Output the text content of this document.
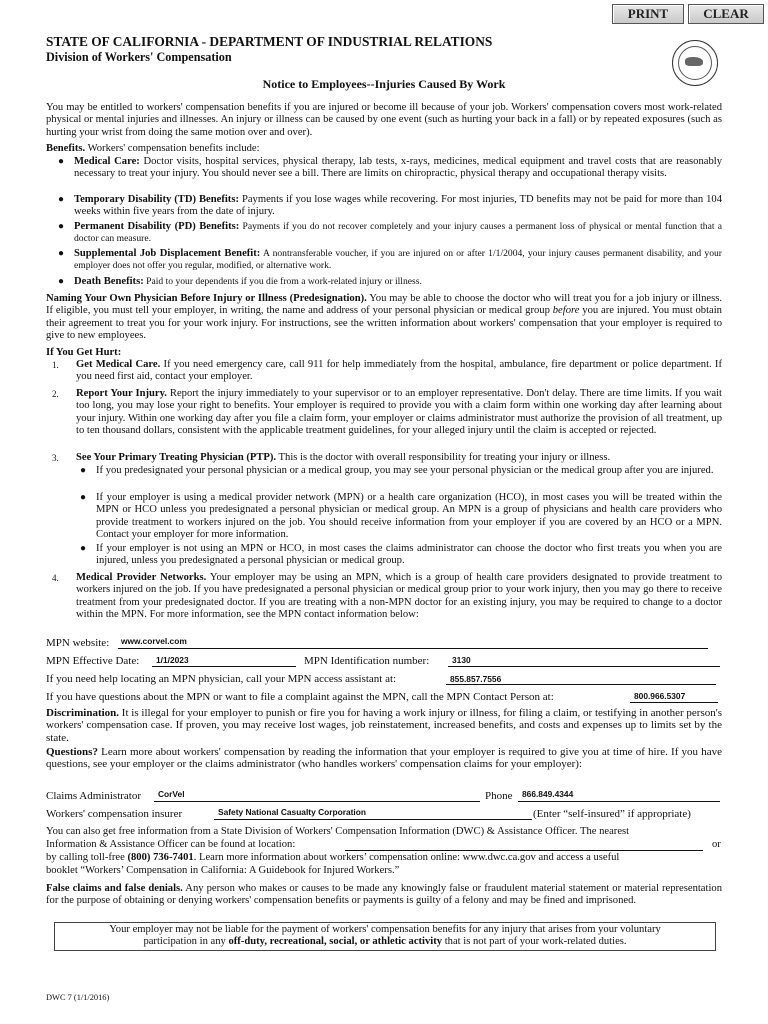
PRINT	CLEAR
STATE OF CALIFORNIA - DEPARTMENT OF INDUSTRIAL RELATIONS
Division of Workers' Compensation
Notice to Employees--Injuries Caused By Work
You may be entitled to workers' compensation benefits if you are injured or become ill because of your job. Workers' compensation covers most work-related physical or mental injuries and illnesses. An injury or illness can be caused by one event (such as hurting your back in a fall) or by repeated exposures (such as hurting your wrist from doing the same motion over and over).
Benefits. Workers' compensation benefits include:
● Medical Care: Doctor visits, hospital services, physical therapy, lab tests, x-rays, medicines, medical equipment and travel costs that are reasonably necessary to treat your injury. You should never see a bill. There are limits on chiropractic, physical therapy and occupational therapy visits.
● Temporary Disability (TD) Benefits: Payments if you lose wages while recovering. For most injuries, TD benefits may not be paid for more than 104 weeks within five years from the date of injury.
● Permanent Disability (PD) Benefits: Payments if you do not recover completely and your injury causes a permanent loss of physical or mental function that a doctor can measure.
● Supplemental Job Displacement Benefit: A nontransferable voucher, if you are injured on or after 1/1/2004, your injury causes permanent disability, and your employer does not offer you regular, modified, or alternative work.
● Death Benefits: Paid to your dependents if you die from a work-related injury or illness.
Naming Your Own Physician Before Injury or Illness (Predesignation). You may be able to choose the doctor who will treat you for a job injury or illness. If eligible, you must tell your employer, in writing, the name and address of your personal physician or medical group before you are injured. You must obtain their agreement to treat you for your work injury. For instructions, see the written information about workers' compensation that your employer is required to give to new employees.
If You Get Hurt:
1. Get Medical Care. If you need emergency care, call 911 for help immediately from the hospital, ambulance, fire department or police department. If you need first aid, contact your employer.
2. Report Your Injury. Report the injury immediately to your supervisor or to an employer representative. Don't delay. There are time limits. If you wait too long, you may lose your right to benefits. Your employer is required to provide you with a claim form within one working day after learning about your injury. Within one working day after you file a claim form, your employer or claims administrator must authorize the provision of all treatment, up to ten thousand dollars, consistent with the applicable treatment guidelines, for your alleged injury until the claim is accepted or rejected.
3. See Your Primary Treating Physician (PTP). This is the doctor with overall responsibility for treating your injury or illness.
● If you predesignated your personal physician or a medical group, you may see your personal physician or the medical group after you are injured.
● If your employer is using a medical provider network (MPN) or a health care organization (HCO), in most cases you will be treated within the MPN or HCO unless you predesignated a personal physician or medical group. An MPN is a group of physicians and health care providers who provide treatment to workers injured on the job. You should receive information from your employer if you are covered by an HCO or a MPN. Contact your employer for more information.
● If your employer is not using an MPN or HCO, in most cases the claims administrator can choose the doctor who first treats you when you are injured, unless you predesignated a personal physician or medical group.
4. Medical Provider Networks. Your employer may be using an MPN, which is a group of health care providers designated to provide treatment to workers injured on the job. If you have predesignated a personal physician or medical group prior to your work injury, then you may go there to receive treatment from your predesignated doctor. If you are treating with a non-MPN doctor for an existing injury, you may be required to change to a doctor within the MPN. For more information, see the MPN contact information below:
MPN website: www.corvel.com
MPN Effective Date: 1/1/2023	MPN Identification number:	3130
If you need help locating an MPN physician, call your MPN access assistant at:	855.857.7556
If you have questions about the MPN or want to file a complaint against the MPN, call the MPN Contact Person at:	800.966.5307
Discrimination. It is illegal for your employer to punish or fire you for having a work injury or illness, for filing a claim, or testifying in another person's workers' compensation case. If proven, you may receive lost wages, job reinstatement, increased benefits, and costs and expenses up to limits set by the state.
Questions? Learn more about workers' compensation by reading the information that your employer is required to give you at time of hire. If you have questions, see your employer or the claims administrator (who handles workers' compensation claims for your employer):
Claims Administrator CorVel	Phone 866.849.4344
Workers' compensation insurer	Safety National Casualty Corporation	(Enter “self-insured” if appropriate)
You can also get free information from a State Division of Workers' Compensation Information (DWC) & Assistance Officer. The nearest
Information & Assistance Officer can be found at location:	or
by calling toll-free (800) 736-7401. Learn more information about workers’ compensation online: www.dwc.ca.gov and access a useful
booklet “Workers’ Compensation in California: A Guidebook for Injured Workers.”
False claims and false denials. Any person who makes or causes to be made any knowingly false or fraudulent material statement or material representation for the purpose of obtaining or denying workers' compensation benefits or payments is guilty of a felony and may be fined and imprisoned.
Your employer may not be liable for the payment of workers' compensation benefits for any injury that arises from your voluntary
participation in any off-duty, recreational, social, or athletic activity that is not part of your work-related duties.
DWC 7 (1/1/2016)
